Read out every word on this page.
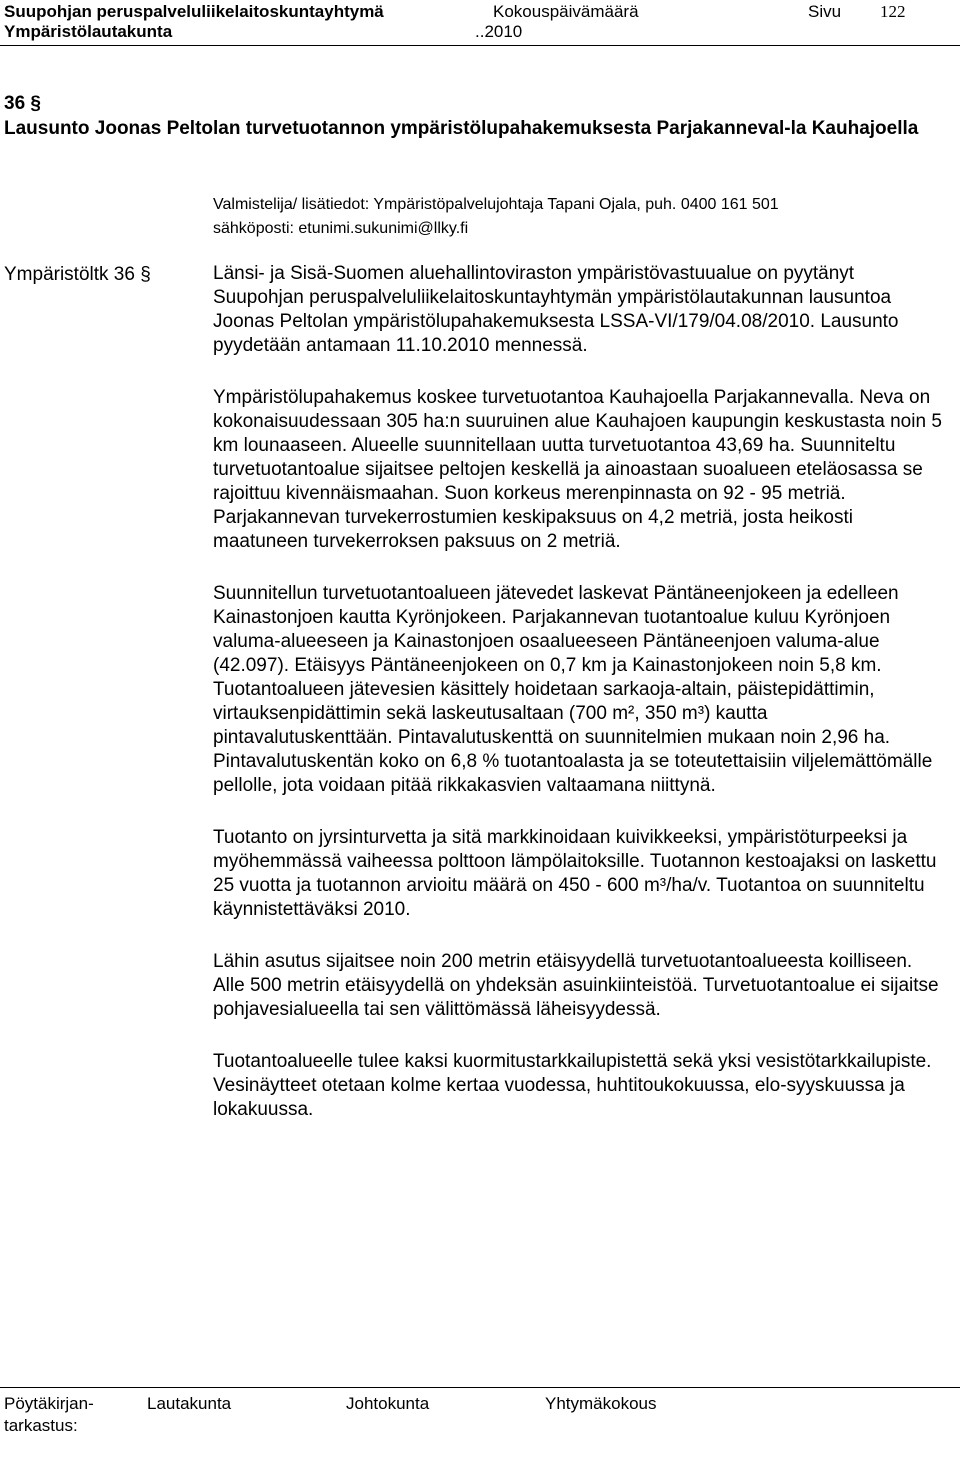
Suupohjan peruspalveluliikelaitoskuntayhtymä	Kokouspäivämäärä	Sivu 122
Ympäristölautakunta	..2010
36 §
Lausunto Joonas Peltolan turvetuotannon ympäristölupahakemuksesta Parjakanneval-la Kauhajoella
Valmistelija/ lisätiedot: Ympäristöpalvelujohtaja Tapani Ojala, puh. 0400 161 501
sähköposti: etunimi.sukunimi@llky.fi
Ympäristöltk 36 §	Länsi- ja Sisä-Suomen aluehallintoviraston ympäristövastuualue on pyytänyt Suupohjan peruspalveluliikelaitoskuntayhtymän ympäristölautakunnan lausuntoa Joonas Peltolan ympäristölupahakemuksesta LSSA-VI/179/04.08/2010. Lausunto pyydetään antamaan 11.10.2010 mennessä.

Ympäristölupahakemus koskee turvetuotantoa Kauhajoella Parjakannevalla. Neva on kokonaisuudessaan 305 ha:n suuruinen alue Kauhajoen kaupungin keskustasta noin 5 km lounaaseen. Alueelle suunnitellaan uutta turvetuotantoa 43,69 ha. Suunniteltu turvetuotantoalue sijaitsee peltojen keskellä ja ainoastaan suoalueen eteläosassa se rajoittuu kivennäismaahan. Suon korkeus merenpinnasta on 92 - 95 metriä. Parjakannevan turvekerrostumien keskipaksuus on 4,2 metriä, josta heikosti maatuneen turvekerroksen paksuus on 2 metriä.

Suunnitellun turvetuotantoalueen jätevedet laskevat Päntäneenjokeen ja edelleen Kainastonjoen kautta Kyrönjokeen. Parjakannevan tuotantoalue kuluu Kyrönjoen valuma-alueeseen ja Kainastonjoen osaalueeseen Päntäneenjoen valuma-alue (42.097). Etäisyys Päntäneenjokeen on 0,7 km ja Kainastonjokeen noin 5,8 km. Tuotantoalueen jätevesien käsittely hoidetaan sarkaoja-altain, päistepidättimin, virtauksenpidättimin sekä laskeutusaltaan (700 m², 350 m³) kautta pintavalutuskenttään. Pintavalutuskenttä on suunnitelmien mukaan noin 2,96 ha. Pintavalutuskentän koko on 6,8 % tuotantoalasta ja se toteutettaisiin viljelemättömälle pellolle, jota voidaan pitää rikkakasvien valtaamana niittynä.

Tuotanto on jyrsinturvetta ja sitä markkinoidaan kuivikkeeksi, ympäristöturpeeksi ja myöhemmässä vaiheessa polttoon lämpölaitoksille. Tuotannon kestoajaksi on laskettu 25 vuotta ja tuotannon arvioitu määrä on 450 - 600 m³/ha/v. Tuotantoa on suunniteltu käynnistettäväksi 2010.

Lähin asutus sijaitsee noin 200 metrin etäisyydellä turvetuotantoalueesta koilliseen. Alle 500 metrin etäisyydellä on yhdeksän asuinkiinteistöä. Turvetuotantoalue ei sijaitse pohjavesialueella tai sen välittömässä läheisyydessä.

Tuotantoalueelle tulee kaksi kuormitustarkkailupistettä sekä yksi vesistötarkkailupiste. Vesinäytteet otetaan kolme kertaa vuodessa, huhtitoukokuussa, elo-syyskuussa ja lokakuussa.

Pöytäkirjan-
tarkastus:
Lautakunta	Johtokunta	Yhtymäkokous
